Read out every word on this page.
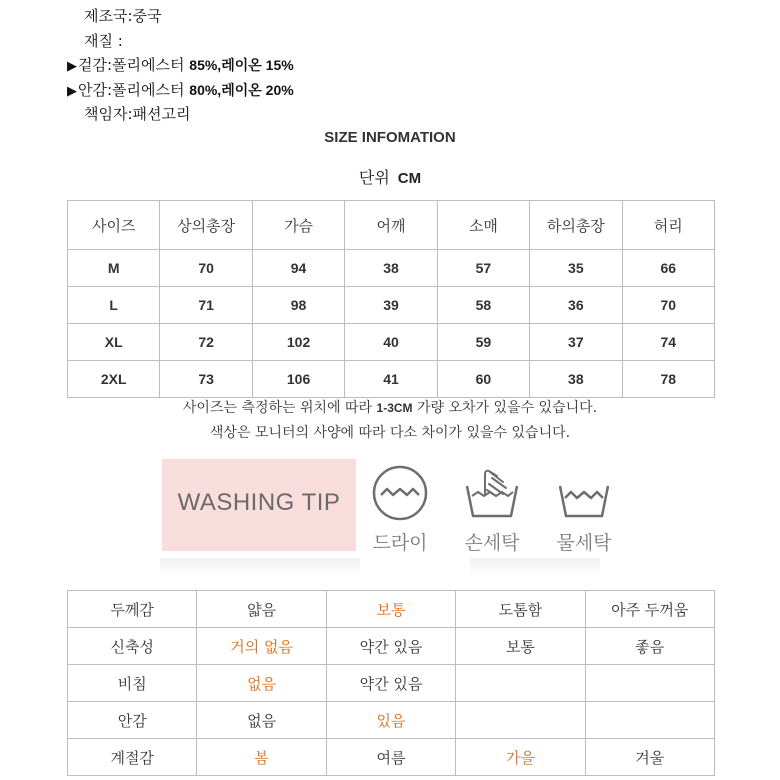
제조국:중국
재질 :
▶겉감:폴리에스터 85%,레이온 15%
▶안감:폴리에스터 80%,레이온 20%
책임자:패션고리
SIZE INFOMATION
단위 CM
사이즈	상의총장	가슴	어깨	소매	하의총장	허리
M	70	94	38	57	35	66
L	71	98	39	58	36	70
XL	72	102	40	59	37	74
2XL	73	106	41	60	38	78
사이즈는 측정하는 위치에 따라 1-3CM 가량 오차가 있을수 있습니다.
색상은 모니터의 사양에 따라 다소 차이가 있을수 있습니다.
WASHING TIP
드라이	손세탁	물세탁
두께감	얇음	보통	도톰함	아주 두꺼움
신축성	거의 없음	약간 있음	보통	좋음
비침	없음	약간 있음		
안감	없음	있음		
계절감	봄	여름	가을	겨울
